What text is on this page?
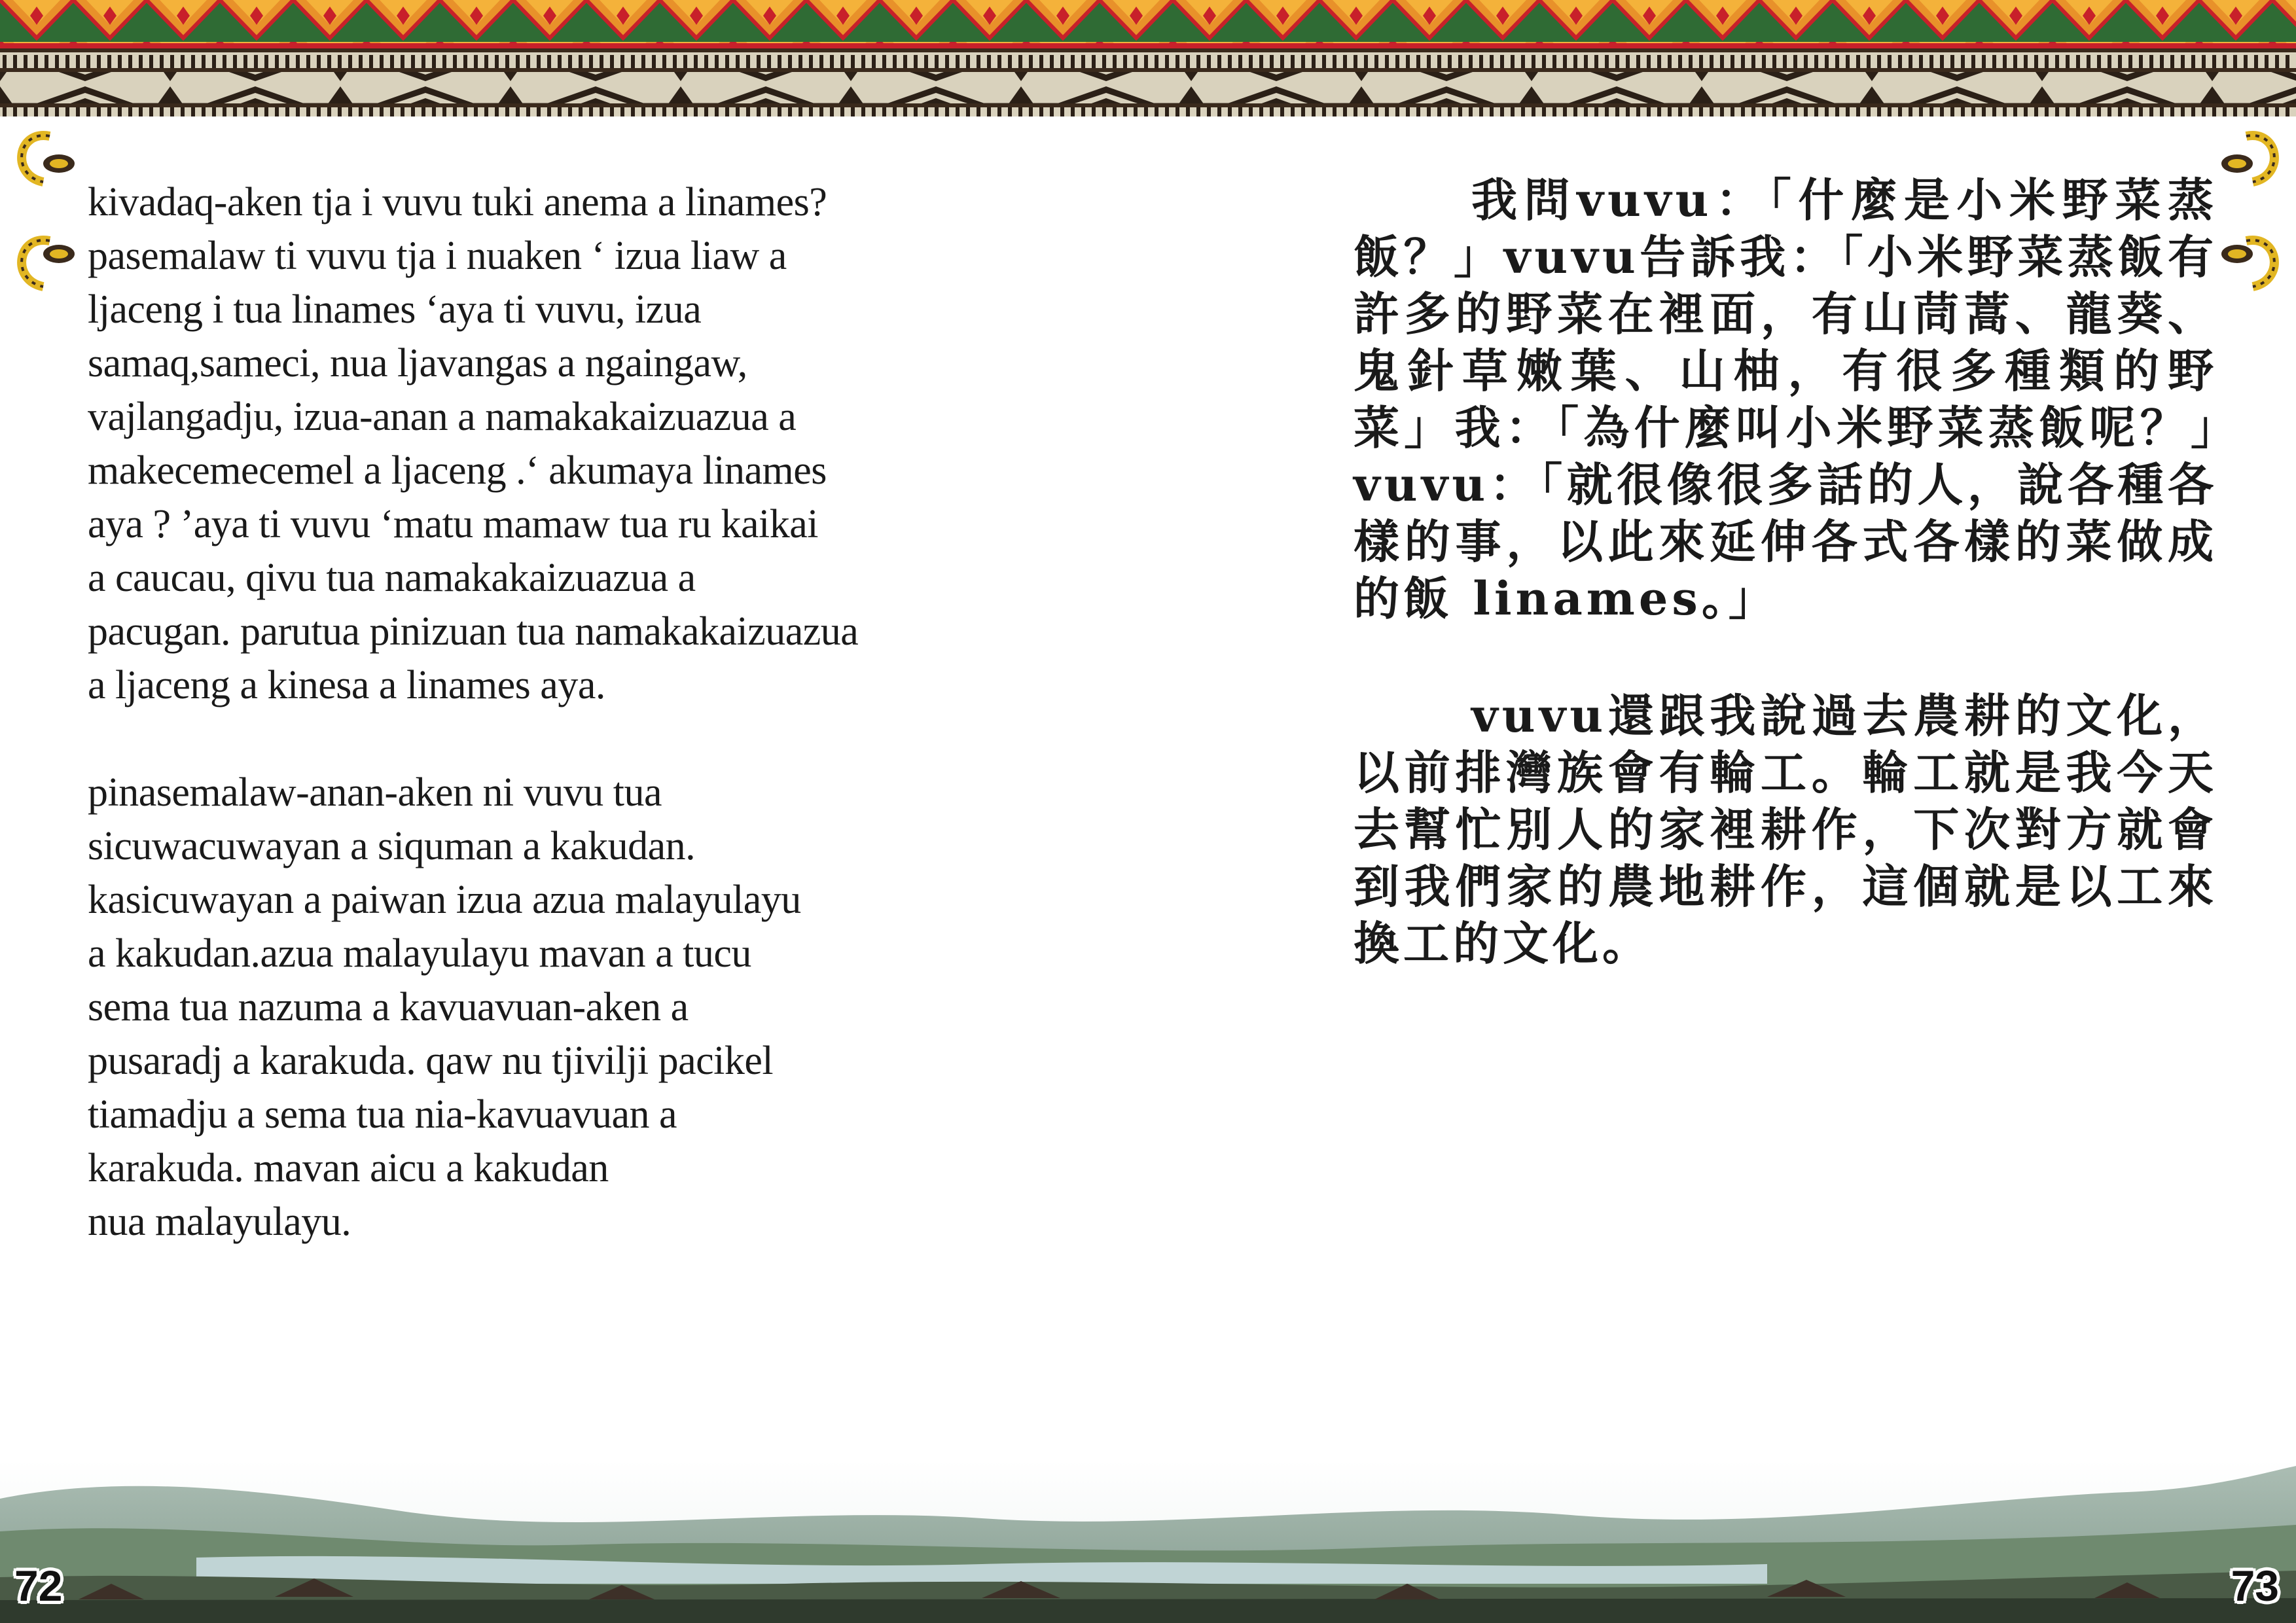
kivadaq-aken tja i vuvu tuki anema a linames?
pasemalaw ti vuvu tja i nuaken ‘ izua liaw a
ljaceng i tua linames ‘aya ti vuvu, izua
samaq,sameci, nua ljavangas a ngaingaw,
vajlangadju, izua-anan a namakakaizuazua a
makecemecemel a ljaceng .‘ akumaya linames
aya ? ’aya ti vuvu ‘matu mamaw tua ru kaikai
a caucau, qivu tua namakakaizuazua a
pacugan. parutua pinizuan tua namakakaizuazua
a ljaceng a kinesa a linames aya.

pinasemalaw-anan-aken ni vuvu tua
sicuwacuwayan a siquman a kakudan.
kasicuwayan a paiwan izua azua malayulayu
a kakudan.azua malayulayu mavan a tucu
sema tua nazuma a kavuavuan-aken a
pusaradj a karakuda. qaw nu tjivilji pacikel
tiamadju a sema tua nia-kavuavuan a
karakuda. mavan aicu a kakudan
nua malayulayu.

我問vuvu：「什麼是小米野菜蒸飯？」vuvu告訴我：「小米野菜蒸飯有許多的野菜在裡面，有山茼蒿、龍葵、鬼針草嫩葉、山柚，有很多種類的野菜」我：「為什麼叫小米野菜蒸飯呢？」vuvu：「就很像很多話的人，說各種各樣的事，以此來延伸各式各樣的菜做成的飯 linames。」

vuvu還跟我說過去農耕的文化，以前排灣族會有輪工。輪工就是我今天去幫忙別人的家裡耕作，下次對方就會到我們家的農地耕作，這個就是以工來換工的文化。

72	73
